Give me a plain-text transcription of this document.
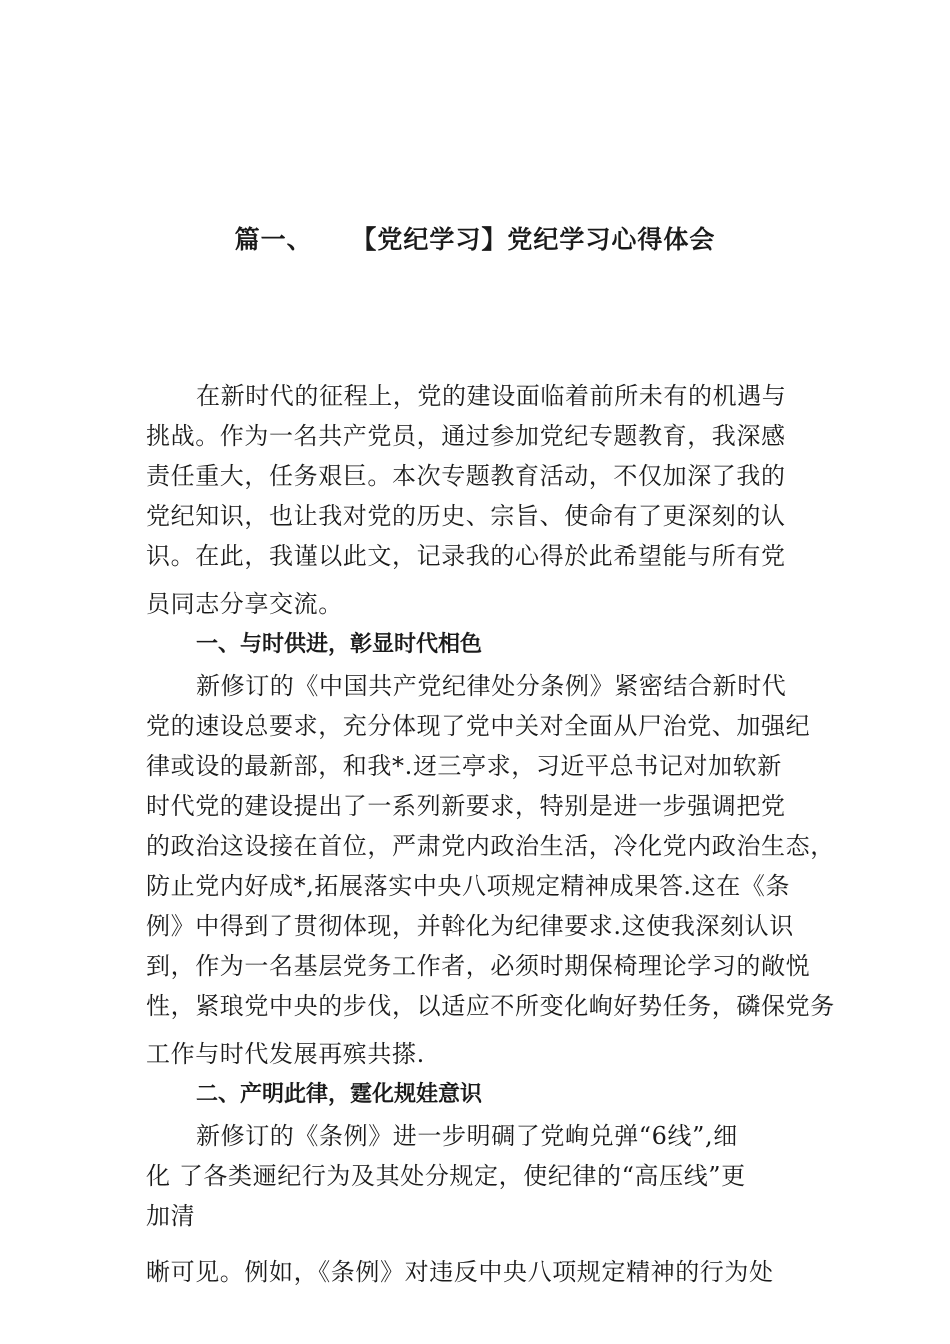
篇一、    【党纪学习】党纪学习心得体会
在新时代的征程上，党的建设面临着前所未有的机遇与
挑战。作为一名共产党员，通过参加党纪专题教育，我深感
责任重大，任务艰巨。本次专题教育活动，不仅加深了我的
党纪知识，也让我对党的历史、宗旨、使命有了更深刻的认
识。在此，我谨以此文，记录我的心得於此希望能与所有党
员同志分享交流。
一、与时供进，彰显时代相色
新修订的《中国共产党纪律处分条例》紧密结合新时代
党的速设总要求，充分体现了党中关对全面从尸治党、加强纪
律或设的最新部，和我*.迓三亭求，习近平总书记对加软新
时代党的建设提出了一系列新要求，特别是进一步强调把党
的政治这设接在首位，严肃党内政治生活，冷化党内政治生态，
防止党内好成*,拓展落实中央八项规定精神成果答.这在《条
例》中得到了贯彻体现，并斡化为纪律要求.这使我深刻认识
到，作为一名基层党务工作者，必须时期保椅理论学习的敞悦
性，紧琅党中央的步伐，以适应不所变化峋好势任务，磷保党务
工作与时代发展再殡共搽.
二、产明此律，霆化规娃意识
新修订的《条例》进一步明碉了党峋兑弹“6线”,细
化 了各类逦纪行为及其处分规定，使纪律的“高压线”更
加清
晰可见。例如，《条例》对违反中央八项规定精神的行为处
